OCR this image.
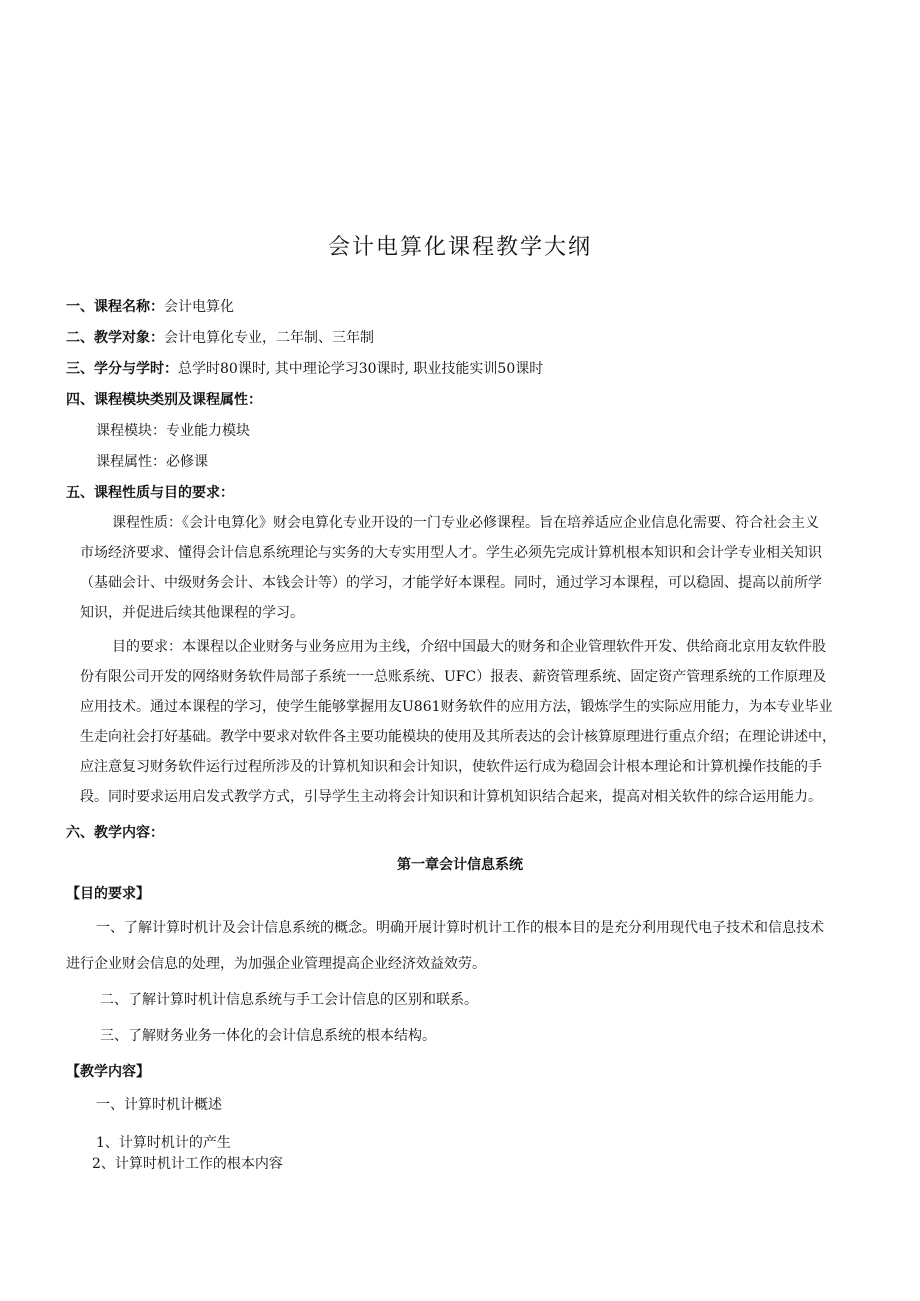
会计电算化课程教学大纲
一、课程名称：会计电算化
二、教学对象：会计电算化专业，二年制、三年制
三、学分与学时：总学时80课时, 其中理论学习30课时, 职业技能实训50课时
四、课程模块类别及课程属性：
课程模块：专业能力模块
课程属性：必修课
五、课程性质与目的要求：

课程性质：《会计电算化》财会电算化专业开设的一门专业必修课程。旨在培养适应企业信息化需要、符合社会主义

市场经济要求、懂得会计信息系统理论与实务的大专实用型人才。学生必须先完成计算机根本知识和会计学专业相关知识

（基础会计、中级财务会计、本钱会计等）的学习，才能学好本课程。同时，通过学习本课程，可以稳固、提高以前所学

知识，并促进后续其他课程的学习。

目的要求：本课程以企业财务与业务应用为主线，介绍中国最大的财务和企业管理软件开发、供给商北京用友软件股

份有限公司开发的网络财务软件局部子系统一一总账系统、UFC）报表、薪资管理系统、固定资产管理系统的工作原理及

应用技术。通过本课程的学习，使学生能够掌握用友U861财务软件的应用方法，锻炼学生的实际应用能力，为本专业毕业

生走向社会打好基础。教学中要求对软件各主要功能模块的使用及其所表达的会计核算原理进行重点介绍；在理论讲述中，

应注意复习财务软件运行过程所涉及的计算机知识和会计知识，使软件运行成为稳固会计根本理论和计算机操作技能的手

段。同时要求运用启发式教学方式，引导学生主动将会计知识和计算机知识结合起来，提高对相关软件的综合运用能力。

六、教学内容：
第一章会计信息系统
【目的要求】
一、了解计算时机计及会计信息系统的概念。明确开展计算时机计工作的根本目的是充分利用现代电子技术和信息技术
进行企业财会信息的处理，为加强企业管理提高企业经济效益效劳。
二、了解计算时机计信息系统与手工会计信息的区别和联系。
三、了解财务业务一体化的会计信息系统的根本结构。
【教学内容】
一、计算时机计概述
1、计算时机计的产生
2、计算时机计工作的根本内容
